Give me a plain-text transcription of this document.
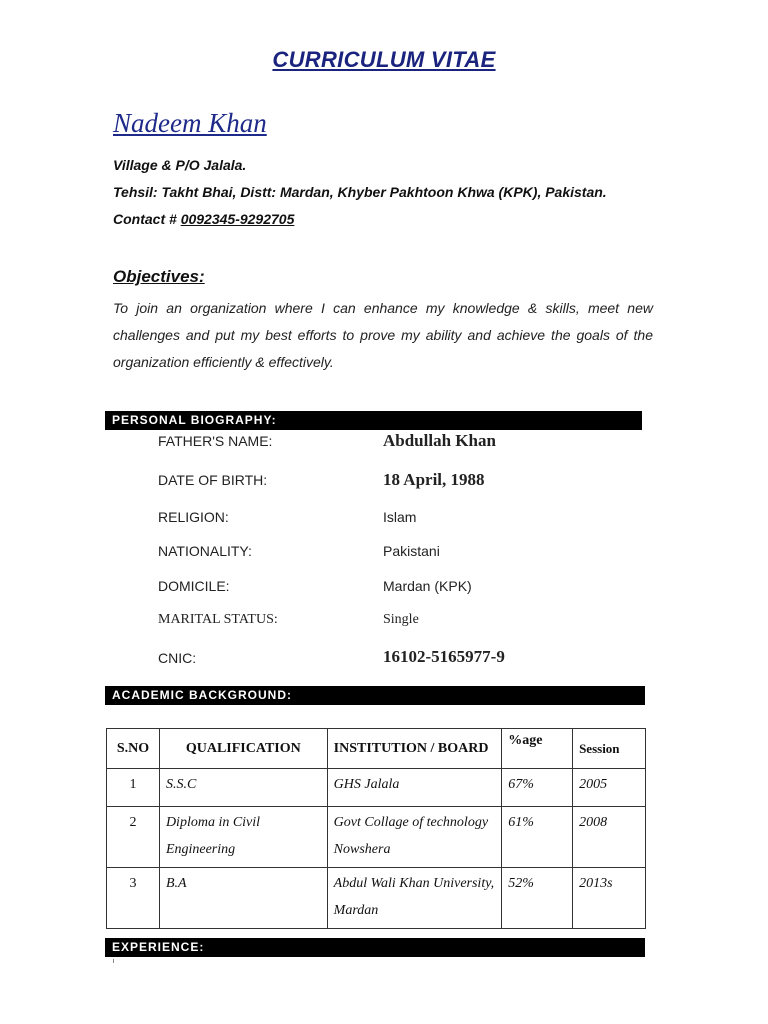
CURRICULUM VITAE
Nadeem Khan
Village & P/O Jalala.
Tehsil: Takht Bhai, Distt: Mardan, Khyber Pakhtoon Khwa (KPK), Pakistan.
Contact # 0092345-9292705
Objectives:
To join an organization where I can enhance my knowledge & skills, meet new challenges and put my best efforts to prove my ability and achieve the goals of the organization efficiently & effectively.
PERSONAL BIOGRAPHY:
FATHER'S NAME:	Abdullah Khan
DATE OF BIRTH:	18 April, 1988
RELIGION:	Islam
NATIONALITY:	Pakistani
DOMICILE:	Mardan (KPK)
MARITAL STATUS:	Single
CNIC:	16102-5165977-9
ACADEMIC BACKGROUND:
S.NO	QUALIFICATION	INSTITUTION / BOARD	%age	Session
1	S.S.C	GHS Jalala	67%	2005
2	Diploma in Civil Engineering	Govt Collage of technology Nowshera	61%	2008
3	B.A	Abdul Wali Khan University, Mardan	52%	2013s
EXPERIENCE:
